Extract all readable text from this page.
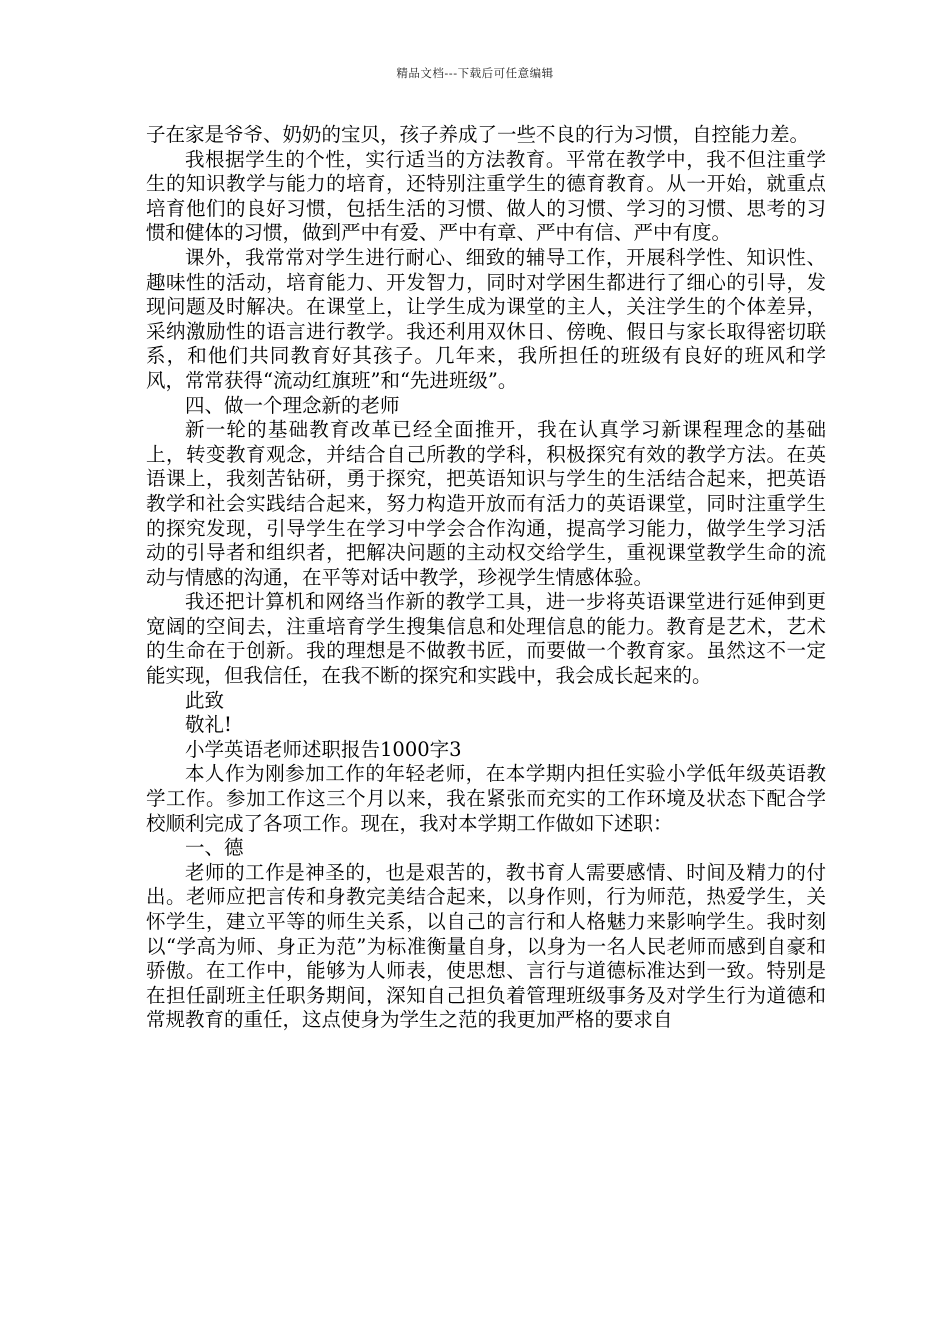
精品文档---下载后可任意编辑

子在家是爷爷、奶奶的宝贝，孩子养成了一些不良的行为习惯，自控能力差。

我根据学生的个性，实行适当的方法教育。平常在教学中，我不但注重学生的知识教学与能力的培育，还特别注重学生的德育教育。从一开始，就重点培育他们的良好习惯，包括生活的习惯、做人的习惯、学习的习惯、思考的习惯和健体的习惯，做到严中有爱、严中有章、严中有信、严中有度。

课外，我常常对学生进行耐心、细致的辅导工作，开展科学性、知识性、趣味性的活动，培育能力、开发智力，同时对学困生都进行了细心的引导，发现问题及时解决。在课堂上，让学生成为课堂的主人，关注学生的个体差异，采纳激励性的语言进行教学。我还利用双休日、傍晚、假日与家长取得密切联系，和他们共同教育好其孩子。几年来，我所担任的班级有良好的班风和学风，常常获得“流动红旗班”和“先进班级”。

四、做一个理念新的老师

新一轮的基础教育改革已经全面推开，我在认真学习新课程理念的基础上，转变教育观念，并结合自己所教的学科，积极探究有效的教学方法。在英语课上，我刻苦钻研，勇于探究，把英语知识与学生的生活结合起来，把英语教学和社会实践结合起来，努力构造开放而有活力的英语课堂，同时注重学生的探究发现，引导学生在学习中学会合作沟通，提高学习能力，做学生学习活动的引导者和组织者，把解决问题的主动权交给学生，重视课堂教学生命的流动与情感的沟通，在平等对话中教学，珍视学生情感体验。

我还把计算机和网络当作新的教学工具，进一步将英语课堂进行延伸到更宽阔的空间去，注重培育学生搜集信息和处理信息的能力。教育是艺术，艺术的生命在于创新。我的理想是不做教书匠，而要做一个教育家。虽然这不一定能实现，但我信任，在我不断的探究和实践中，我会成长起来的。

此致

敬礼!

小学英语老师述职报告1000字3

本人作为刚参加工作的年轻老师，在本学期内担任实验小学低年级英语教学工作。参加工作这三个月以来，我在紧张而充实的工作环境及状态下配合学校顺利完成了各项工作。现在，我对本学期工作做如下述职：

一、德

老师的工作是神圣的，也是艰苦的，教书育人需要感情、时间及精力的付出。老师应把言传和身教完美结合起来，以身作则，行为师范，热爱学生，关怀学生，建立平等的师生关系，以自己的言行和人格魅力来影响学生。我时刻以“学高为师、身正为范”为标准衡量自身，以身为一名人民老师而感到自豪和骄傲。在工作中，能够为人师表，使思想、言行与道德标准达到一致。特别是在担任副班主任职务期间，深知自己担负着管理班级事务及对学生行为道德和常规教育的重任，这点使身为学生之范的我更加严格的要求自
